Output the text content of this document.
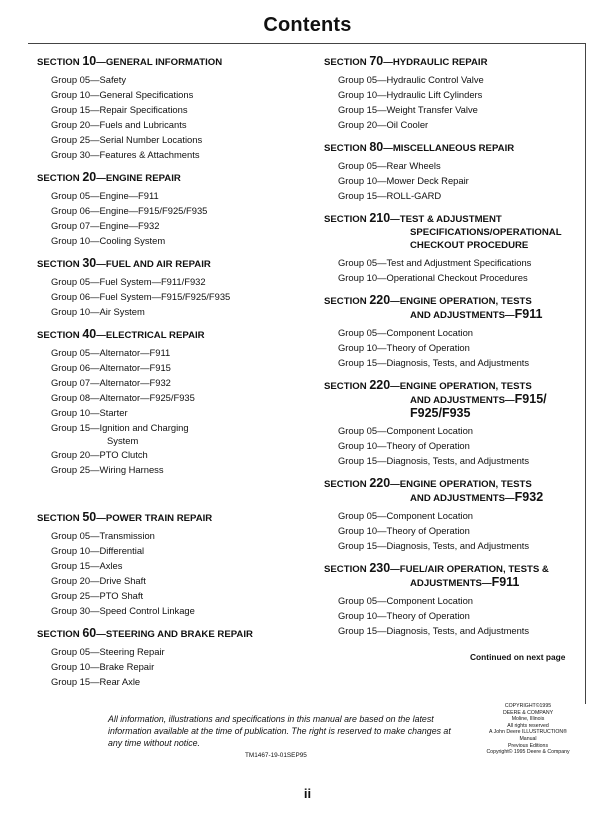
Contents
SECTION 10—GENERAL INFORMATION
Group 05—Safety
Group 10—General Specifications
Group 15—Repair Specifications
Group 20—Fuels and Lubricants
Group 25—Serial Number Locations
Group 30—Features & Attachments
SECTION 20—ENGINE REPAIR
Group 05—Engine—F911
Group 06—Engine—F915/F925/F935
Group 07—Engine—F932
Group 10—Cooling System
SECTION 30—FUEL AND AIR REPAIR
Group 05—Fuel System—F911/F932
Group 06—Fuel System—F915/F925/F935
Group 10—Air System
SECTION 40—ELECTRICAL REPAIR
Group 05—Alternator—F911
Group 06—Alternator—F915
Group 07—Alternator—F932
Group 08—Alternator—F925/F935
Group 10—Starter
Group 15—Ignition and Charging
System
Group 20—PTO Clutch
Group 25—Wiring Harness
SECTION 50—POWER TRAIN REPAIR
Group 05—Transmission
Group 10—Differential
Group 15—Axles
Group 20—Drive Shaft
Group 25—PTO Shaft
Group 30—Speed Control Linkage
SECTION 60—STEERING AND BRAKE REPAIR
Group 05—Steering Repair
Group 10—Brake Repair
Group 15—Rear Axle
SECTION 70—HYDRAULIC REPAIR
Group 05—Hydraulic Control Valve
Group 10—Hydraulic Lift Cylinders
Group 15—Weight Transfer Valve
Group 20—Oil Cooler
SECTION 80—MISCELLANEOUS REPAIR
Group 05—Rear Wheels
Group 10—Mower Deck Repair
Group 15—ROLL-GARD
SECTION 210—TEST & ADJUSTMENT
SPECIFICATIONS/OPERATIONAL
CHECKOUT PROCEDURE
Group 05—Test and Adjustment Specifications
Group 10—Operational Checkout Procedures
SECTION 220—ENGINE OPERATION, TESTS
AND ADJUSTMENTS—F911
Group 05—Component Location
Group 10—Theory of Operation
Group 15—Diagnosis, Tests, and Adjustments
SECTION 220—ENGINE OPERATION, TESTS
AND ADJUSTMENTS—F915/
F925/F935
Group 05—Component Location
Group 10—Theory of Operation
Group 15—Diagnosis, Tests, and Adjustments
SECTION 220—ENGINE OPERATION, TESTS
AND ADJUSTMENTS—F932
Group 05—Component Location
Group 10—Theory of Operation
Group 15—Diagnosis, Tests, and Adjustments
SECTION 230—FUEL/AIR OPERATION, TESTS &
ADJUSTMENTS—F911
Group 05—Component Location
Group 10—Theory of Operation
Group 15—Diagnosis, Tests, and Adjustments
Continued on next page
All information, illustrations and specifications in this manual are based on the latest information available at the time of publication. The right is reserved to make changes at any time without notice.
TM1467-19-01SEP95
COPYRIGHT©1995
DEERE & COMPANY
Moline, Illinois
All rights reserved
A John Deere ILLUSTRUCTION®
Manual
Previous Editions
Copyright© 1995 Deere & Company
ii
